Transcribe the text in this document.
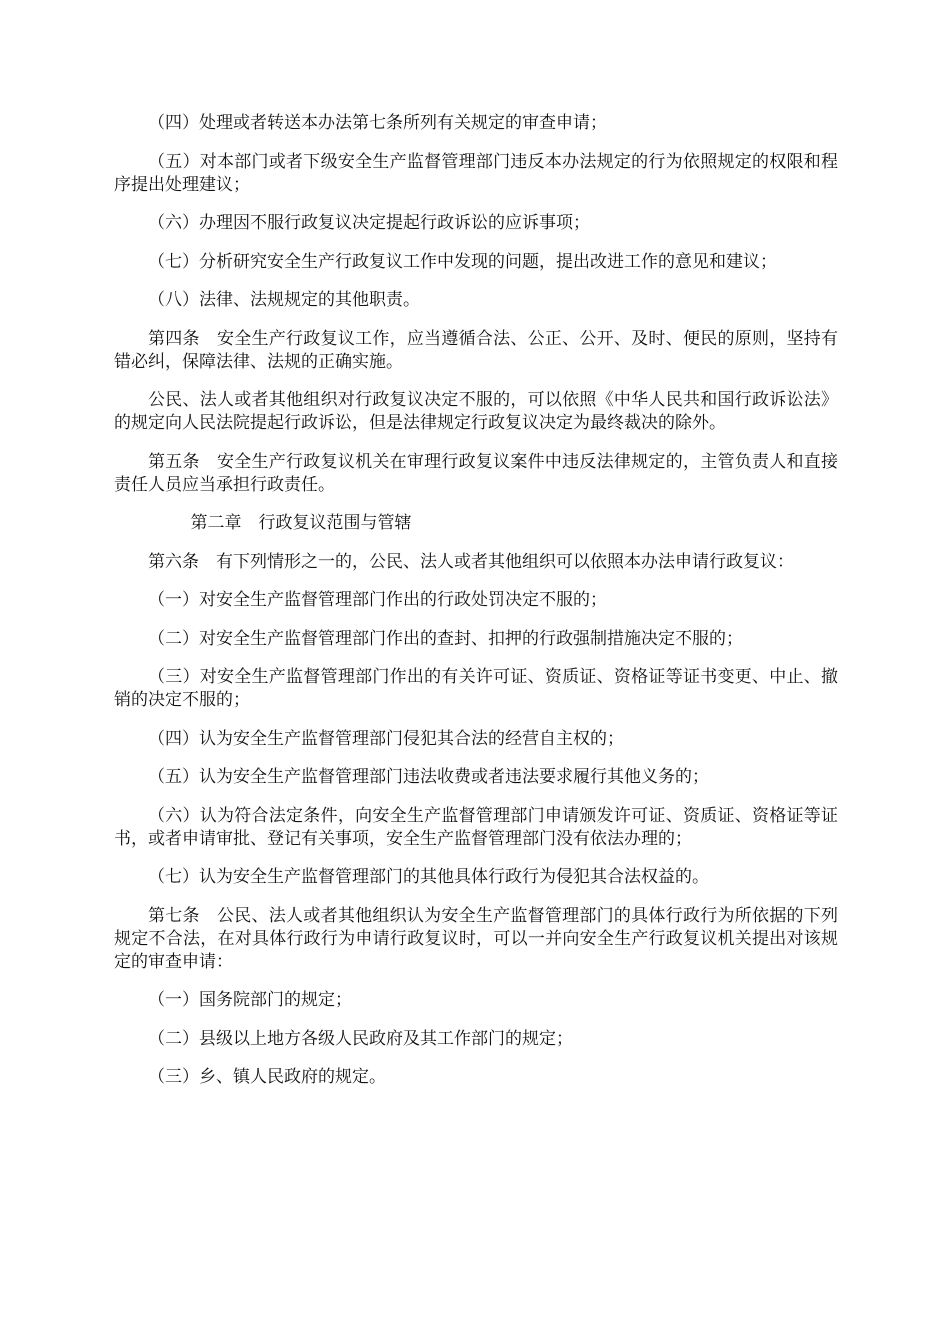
（四）处理或者转送本办法第七条所列有关规定的审查申请；

（五）对本部门或者下级安全生产监督管理部门违反本办法规定的行为依照规定的权限和程序提出处理建议；

（六）办理因不服行政复议决定提起行政诉讼的应诉事项；

（七）分析研究安全生产行政复议工作中发现的问题，提出改进工作的意见和建议；

（八）法律、法规规定的其他职责。

第四条　安全生产行政复议工作，应当遵循合法、公正、公开、及时、便民的原则，坚持有错必纠，保障法律、法规的正确实施。

公民、法人或者其他组织对行政复议决定不服的，可以依照《中华人民共和国行政诉讼法》的规定向人民法院提起行政诉讼，但是法律规定行政复议决定为最终裁决的除外。

第五条　安全生产行政复议机关在审理行政复议案件中违反法律规定的，主管负责人和直接责任人员应当承担行政责任。

第二章　行政复议范围与管辖

第六条　有下列情形之一的，公民、法人或者其他组织可以依照本办法申请行政复议：

（一）对安全生产监督管理部门作出的行政处罚决定不服的；

（二）对安全生产监督管理部门作出的查封、扣押的行政强制措施决定不服的；

（三）对安全生产监督管理部门作出的有关许可证、资质证、资格证等证书变更、中止、撤销的决定不服的；

（四）认为安全生产监督管理部门侵犯其合法的经营自主权的；

（五）认为安全生产监督管理部门违法收费或者违法要求履行其他义务的；

（六）认为符合法定条件，向安全生产监督管理部门申请颁发许可证、资质证、资格证等证书，或者申请审批、登记有关事项，安全生产监督管理部门没有依法办理的；

（七）认为安全生产监督管理部门的其他具体行政行为侵犯其合法权益的。

第七条　公民、法人或者其他组织认为安全生产监督管理部门的具体行政行为所依据的下列规定不合法，在对具体行政行为申请行政复议时，可以一并向安全生产行政复议机关提出对该规定的审查申请：

（一）国务院部门的规定；

（二）县级以上地方各级人民政府及其工作部门的规定；

（三）乡、镇人民政府的规定。
